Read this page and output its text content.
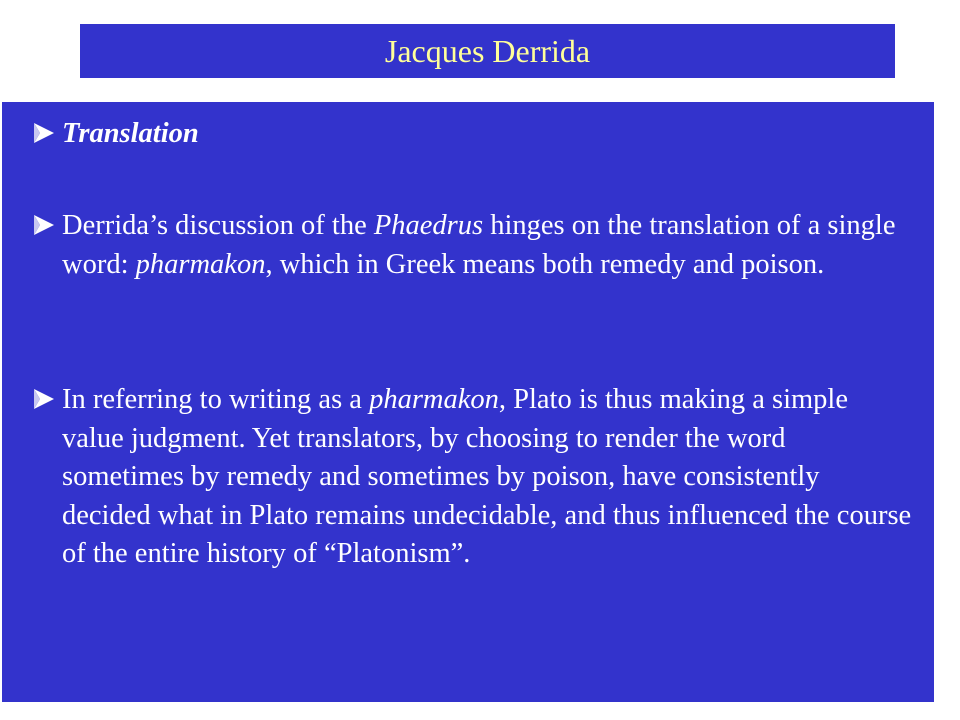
Jacques Derrida
Translation
Derrida’s discussion of the Phaedrus hinges on the translation of a single word: pharmakon, which in Greek means both remedy and poison.
In referring to writing as a pharmakon, Plato is thus making a simple value judgment. Yet translators, by choosing to render the word sometimes by remedy and sometimes by poison, have consistently decided what in Plato remains undecidable, and thus influenced the course of the entire history of “Platonism”.
